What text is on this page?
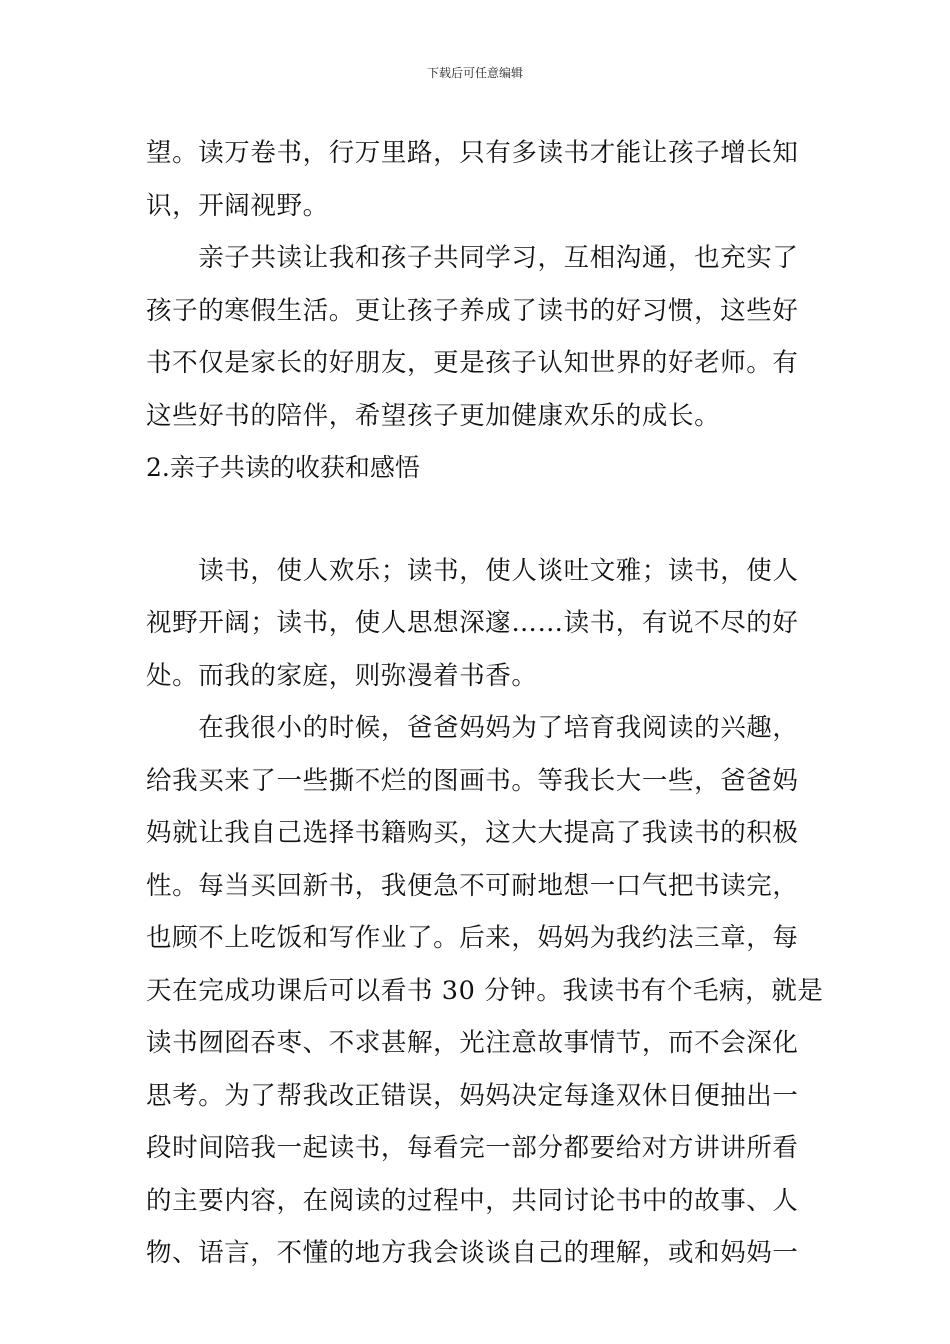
下载后可任意编辑
望。读万卷书，行万里路，只有多读书才能让孩子增长知
识，开阔视野。
　　亲子共读让我和孩子共同学习，互相沟通，也充实了
孩子的寒假生活。更让孩子养成了读书的好习惯，这些好
书不仅是家长的好朋友，更是孩子认知世界的好老师。有
这些好书的陪伴，希望孩子更加健康欢乐的成长。
2.亲子共读的收获和感悟
　　读书，使人欢乐；读书，使人谈吐文雅；读书，使人
视野开阔；读书，使人思想深邃……读书，有说不尽的好
处。而我的家庭，则弥漫着书香。
　　在我很小的时候，爸爸妈妈为了培育我阅读的兴趣，
给我买来了一些撕不烂的图画书。等我长大一些，爸爸妈
妈就让我自己选择书籍购买，这大大提高了我读书的积极
性。每当买回新书，我便急不可耐地想一口气把书读完，
也顾不上吃饭和写作业了。后来，妈妈为我约法三章，每
天在完成功课后可以看书 30 分钟。我读书有个毛病，就是
读书囫囵吞枣、不求甚解，光注意故事情节，而不会深化
思考。为了帮我改正错误，妈妈决定每逢双休日便抽出一
段时间陪我一起读书，每看完一部分都要给对方讲讲所看
的主要内容，在阅读的过程中，共同讨论书中的故事、人
物、语言，不懂的地方我会谈谈自己的理解，或和妈妈一
